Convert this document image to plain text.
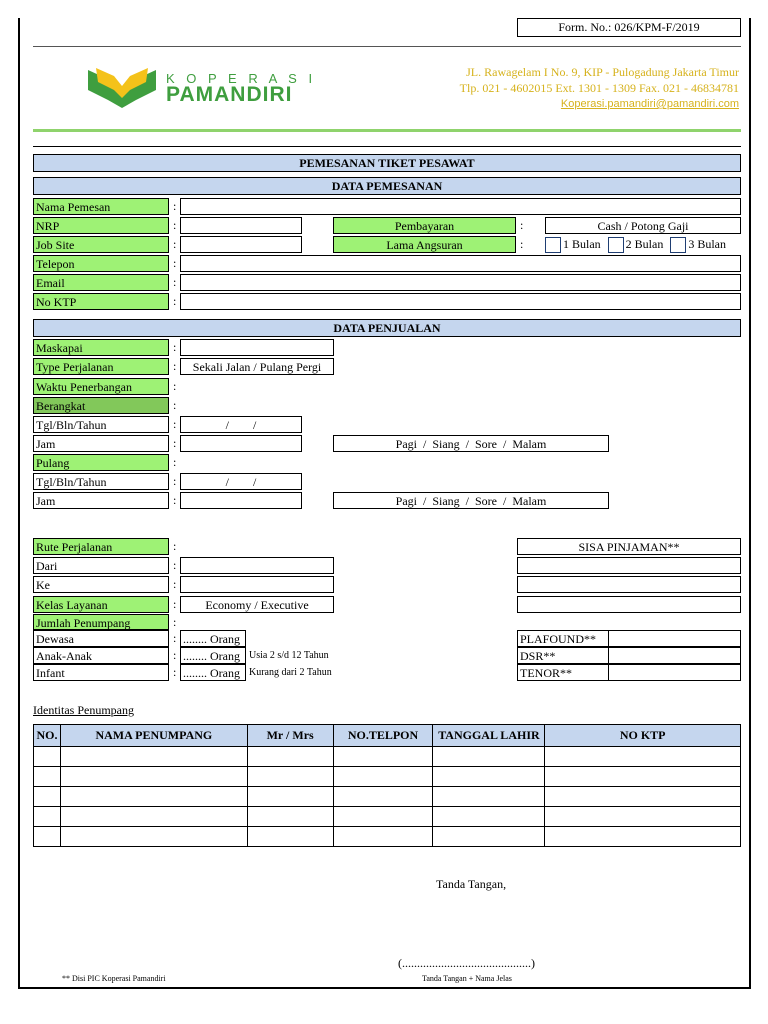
Form. No.: 026/KPM-F/2019
K O P E R A S I
PAMANDIRI
JL. Rawagelam I No. 9, KIP - Pulogadung Jakarta Timur
Tlp. 021 - 4602015 Ext. 1301 - 1309 Fax. 021 - 46834781
Koperasi.pamandiri@pamandiri.com
PEMESANAN TIKET PESAWAT
DATA PEMESANAN
Nama Pemesan	:
NRP	:	Pembayaran	:	Cash / Potong Gaji
Job Site	:	Lama Angsuran	:	1 Bulan 2 Bulan 3 Bulan
Telepon	:
Email	:
No KTP	:
DATA PENJUALAN
Maskapai	:
Type Perjalanan	:	Sekali Jalan / Pulang Pergi
Waktu Penerbangan	:
Berangkat	:
Tgl/Bln/Tahun	:	/        /
Jam	:	Pagi  /  Siang  /  Sore  /  Malam
Pulang	:
Tgl/Bln/Tahun	:	/        /
Jam	:	Pagi  /  Siang  /  Sore  /  Malam
Rute Perjalanan	:
Dari	:
Ke	:
Kelas Layanan	:	Economy / Executive
Jumlah Penumpang	:
Dewasa	: ........ Orang
Anak-Anak	: ........ Orang Usia 2 s/d 12 Tahun
Infant	: ........ Orang Kurang dari 2 Tahun
SISA PINJAMAN**
PLAFOUND**
DSR**
TENOR**
Identitas Penumpang
NO.	NAMA PENUMPANG	Mr / Mrs	NO.TELPON	TANGGAL LAHIR	NO KTP

Tanda Tangan,
(...........................................)
Tanda Tangan + Nama Jelas
** Disi PIC Koperasi Pamandiri
